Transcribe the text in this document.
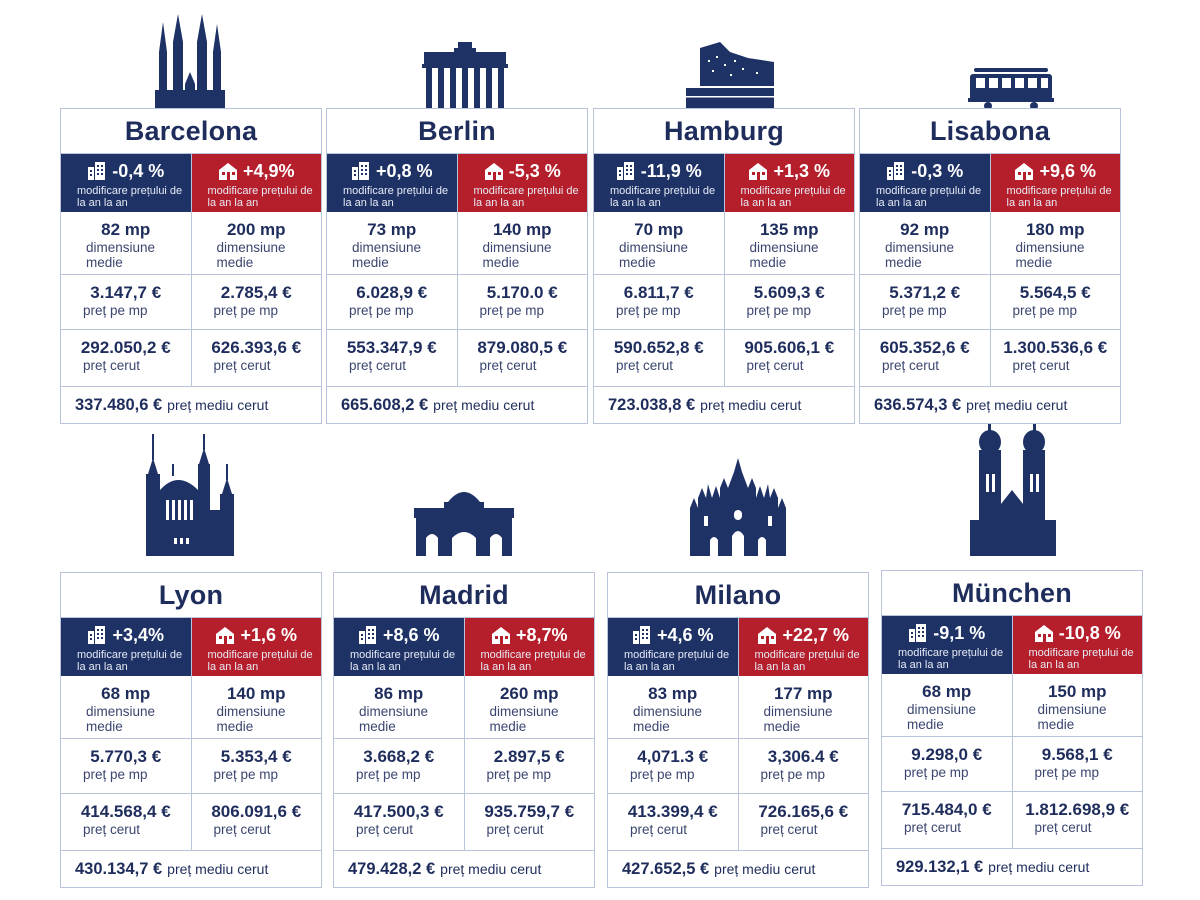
Barcelona
-0,4 %
modificare prețului de la an la an
+4,9%
modificare prețului de la an la an
82 mp
dimensiune medie
200 mp
dimensiune medie
3.147,7 €
preț pe mp
2.785,4 €
preț pe mp
292.050,2 €
preț cerut
626.393,6 €
preț cerut
337.480,6 € preț mediu cerut
Berlin
+0,8 %
modificare prețului de la an la an
-5,3 %
modificare prețului de la an la an
73 mp
dimensiune medie
140 mp
dimensiune medie
6.028,9 €
preț pe mp
5.170.0 €
preț pe mp
553.347,9 €
preț cerut
879.080,5 €
preț cerut
665.608,2 € preț mediu cerut
Hamburg
-11,9 %
modificare prețului de la an la an
+1,3 %
modificare prețului de la an la an
70 mp
dimensiune medie
135 mp
dimensiune medie
6.811,7 €
preț pe mp
5.609,3 €
preț pe mp
590.652,8 €
preț cerut
905.606,1 €
preț cerut
723.038,8 € preț mediu cerut
Lisabona
-0,3 %
modificare prețului de la an la an
+9,6 %
modificare prețului de la an la an
92 mp
dimensiune medie
180 mp
dimensiune medie
5.371,2 €
preț pe mp
5.564,5 €
preț pe mp
605.352,6 €
preț cerut
1.300.536,6 €
preț cerut
636.574,3 € preț mediu cerut
Lyon
+3,4%
modificare prețului de la an la an
+1,6 %
modificare prețului de la an la an
68 mp
dimensiune medie
140 mp
dimensiune medie
5.770,3 €
preț pe mp
5.353,4 €
preț pe mp
414.568,4 €
preț cerut
806.091,6 €
preț cerut
430.134,7 € preț mediu cerut
Madrid
+8,6 %
modificare prețului de la an la an
+8,7%
modificare prețului de la an la an
86 mp
dimensiune medie
260 mp
dimensiune medie
3.668,2 €
preț pe mp
2.897,5 €
preț pe mp
417.500,3 €
preț cerut
935.759,7 €
preț cerut
479.428,2 € preț mediu cerut
Milano
+4,6 %
modificare prețului de la an la an
+22,7 %
modificare prețului de la an la an
83 mp
dimensiune medie
177 mp
dimensiune medie
4,071.3 €
preț pe mp
3,306.4 €
preț pe mp
413.399,4 €
preț cerut
726.165,6 €
preț cerut
427.652,5 € preț mediu cerut
München
-9,1 %
modificare prețului de la an la an
-10,8 %
modificare prețului de la an la an
68 mp
dimensiune medie
150 mp
dimensiune medie
9.298,0 €
preț pe mp
9.568,1 €
preț pe mp
715.484,0 €
preț cerut
1.812.698,9 €
preț cerut
929.132,1 € preț mediu cerut
